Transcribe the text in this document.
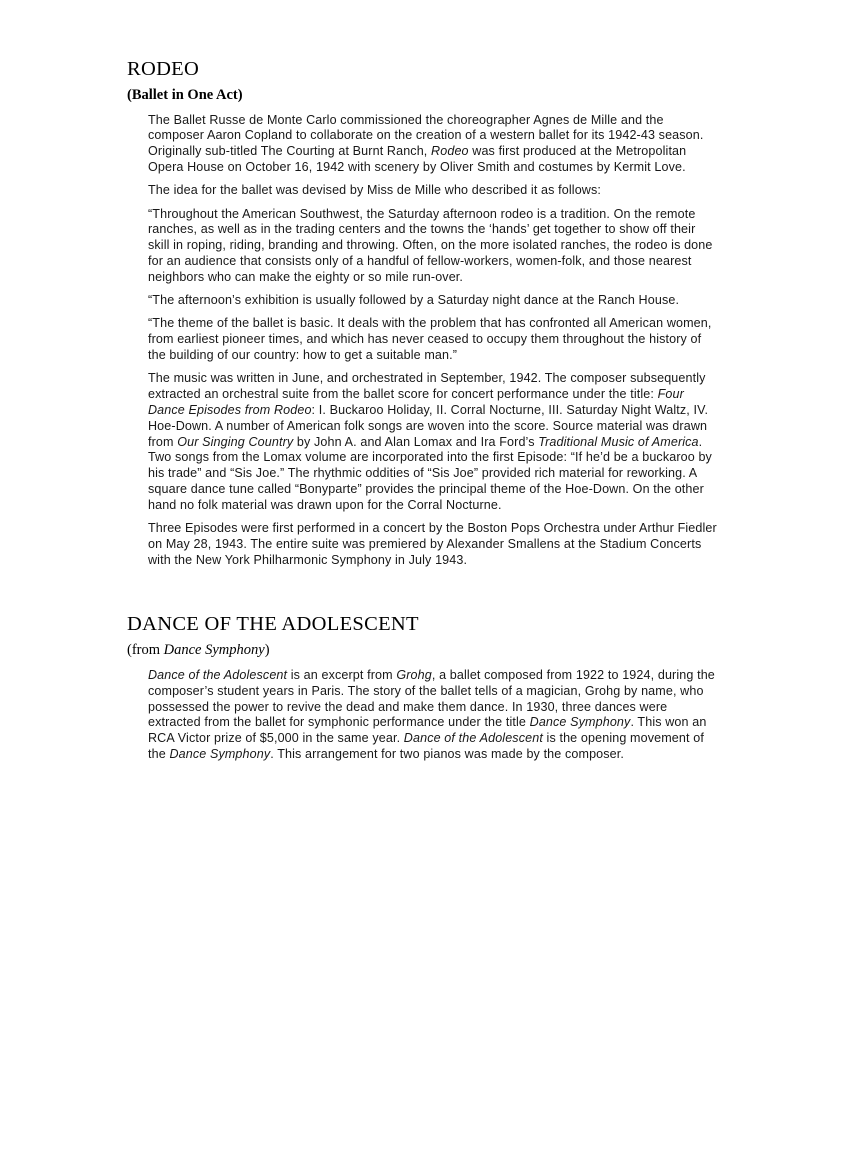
RODEO
(Ballet in One Act)

The Ballet Russe de Monte Carlo commissioned the choreographer Agnes de Mille and the composer Aaron Copland to collaborate on the creation of a western ballet for its 1942-43 season. Originally sub-titled The Courting at Burnt Ranch, Rodeo was first produced at the Metropolitan Opera House on October 16, 1942 with scenery by Oliver Smith and costumes by Kermit Love.

The idea for the ballet was devised by Miss de Mille who described it as follows:

“Throughout the American Southwest, the Saturday afternoon rodeo is a tradition. On the remote ranches, as well as in the trading centers and the towns the ‘hands’ get together to show off their skill in roping, riding, branding and throwing. Often, on the more isolated ranches, the rodeo is done for an audience that consists only of a handful of fellow-workers, women-folk, and those nearest neighbors who can make the eighty or so mile run-over.

“The afternoon’s exhibition is usually followed by a Saturday night dance at the Ranch House.

“The theme of the ballet is basic. It deals with the problem that has confronted all American women, from earliest pioneer times, and which has never ceased to occupy them throughout the history of the building of our country: how to get a suitable man.”

The music was written in June, and orchestrated in September, 1942. The composer subsequently extracted an orchestral suite from the ballet score for concert performance under the title: Four Dance Episodes from Rodeo: I. Buckaroo Holiday, II. Corral Nocturne, III. Saturday Night Waltz, IV. Hoe-Down. A number of American folk songs are woven into the score. Source material was drawn from Our Singing Country by John A. and Alan Lomax and Ira Ford’s Traditional Music of America. Two songs from the Lomax volume are incorporated into the first Episode: “If he’d be a buckaroo by his trade” and “Sis Joe.” The rhythmic oddities of “Sis Joe” provided rich material for reworking. A square dance tune called “Bonyparte” provides the principal theme of the Hoe-Down. On the other hand no folk material was drawn upon for the Corral Nocturne.

Three Episodes were first performed in a concert by the Boston Pops Orchestra under Arthur Fiedler on May 28, 1943. The entire suite was premiered by Alexander Smallens at the Stadium Concerts with the New York Philharmonic Symphony in July 1943.

DANCE OF THE ADOLESCENT
(from Dance Symphony)

Dance of the Adolescent is an excerpt from Grohg, a ballet composed from 1922 to 1924, during the composer’s student years in Paris. The story of the ballet tells of a magician, Grohg by name, who possessed the power to revive the dead and make them dance. In 1930, three dances were extracted from the ballet for symphonic performance under the title Dance Symphony. This won an RCA Victor prize of $5,000 in the same year. Dance of the Adolescent is the opening movement of the Dance Symphony. This arrangement for two pianos was made by the composer.
